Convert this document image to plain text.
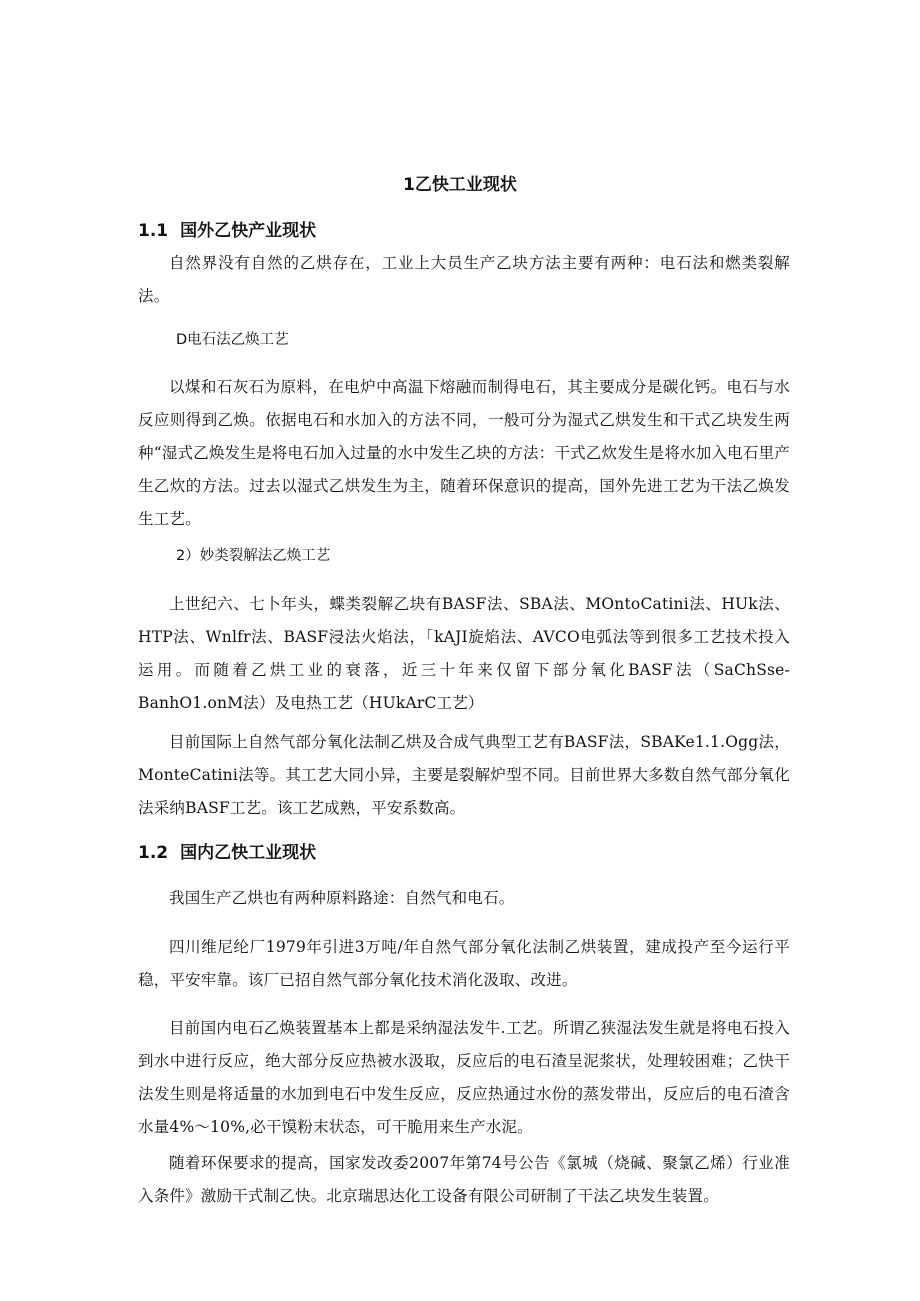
1乙快工业现状
1.1 国外乙快产业现状
自然界没有自然的乙烘存在，工业上大员生产乙块方法主要有两种：电石法和燃类裂解法。
D电石法乙焕工艺
以煤和石灰石为原料，在电炉中高温下熔融而制得电石，其主要成分是碳化钙。电石与水反应则得到乙焕。依据电石和水加入的方法不同，一般可分为湿式乙烘发生和干式乙块发生两种“湿式乙焕发生是将电石加入过量的水中发生乙块的方法：干式乙炊发生是将水加入电石里产生乙炊的方法。过去以湿式乙烘发生为主，随着环保意识的提高，国外先进工艺为干法乙焕发生工艺。
2）妙类裂解法乙焕工艺
上世纪六、七卜年头，蝶类裂解乙块有BASF法、SBA法、MOntoCatini法、HUk法、HTP法、Wnlfr法、BASF浸法火焰法，「kAJI旋焰法、AVCO电弧法等到很多工艺技术投入运用。而随着乙烘工业的衰落，近三十年来仅留下部分氧化BASF法（SaChSse-BanhO1.onM法）及电热工艺（HUkArC工艺）
目前国际上自然气部分氧化法制乙烘及合成气典型工艺有BASF法，SBAKe1.1.Ogg法，MonteCatini法等。其工艺大同小异，主要是裂解炉型不同。目前世界大多数自然气部分氧化法采纳BASF工艺。该工艺成熟，平安系数高。
1.2 国内乙快工业现状
我国生产乙烘也有两种原料路途：自然气和电石。
四川维尼纶厂1979年引进3万吨/年自然气部分氧化法制乙烘装置，建成投产至今运行平稳，平安牢靠。该厂已招自然气部分氧化技术消化汲取、改进。
目前国内电石乙焕装置基本上都是采纳湿法发牛.工艺。所谓乙狭湿法发生就是将电石投入到水中进行反应，绝大部分反应热被水汲取，反应后的电石渣呈泥浆状，处理较困难；乙快干法发生则是将适量的水加到电石中发生反应，反应热通过水份的蒸发带出，反应后的电石渣含水量4%〜10%,必干馍粉末状态，可干脆用来生产水泥。
随着环保要求的提高，国家发改委2007年第74号公告《氯城（烧碱、聚氯乙烯）行业准入条件》激励干式制乙快。北京瑞思达化工设备有限公司研制了干法乙块发生装置。
